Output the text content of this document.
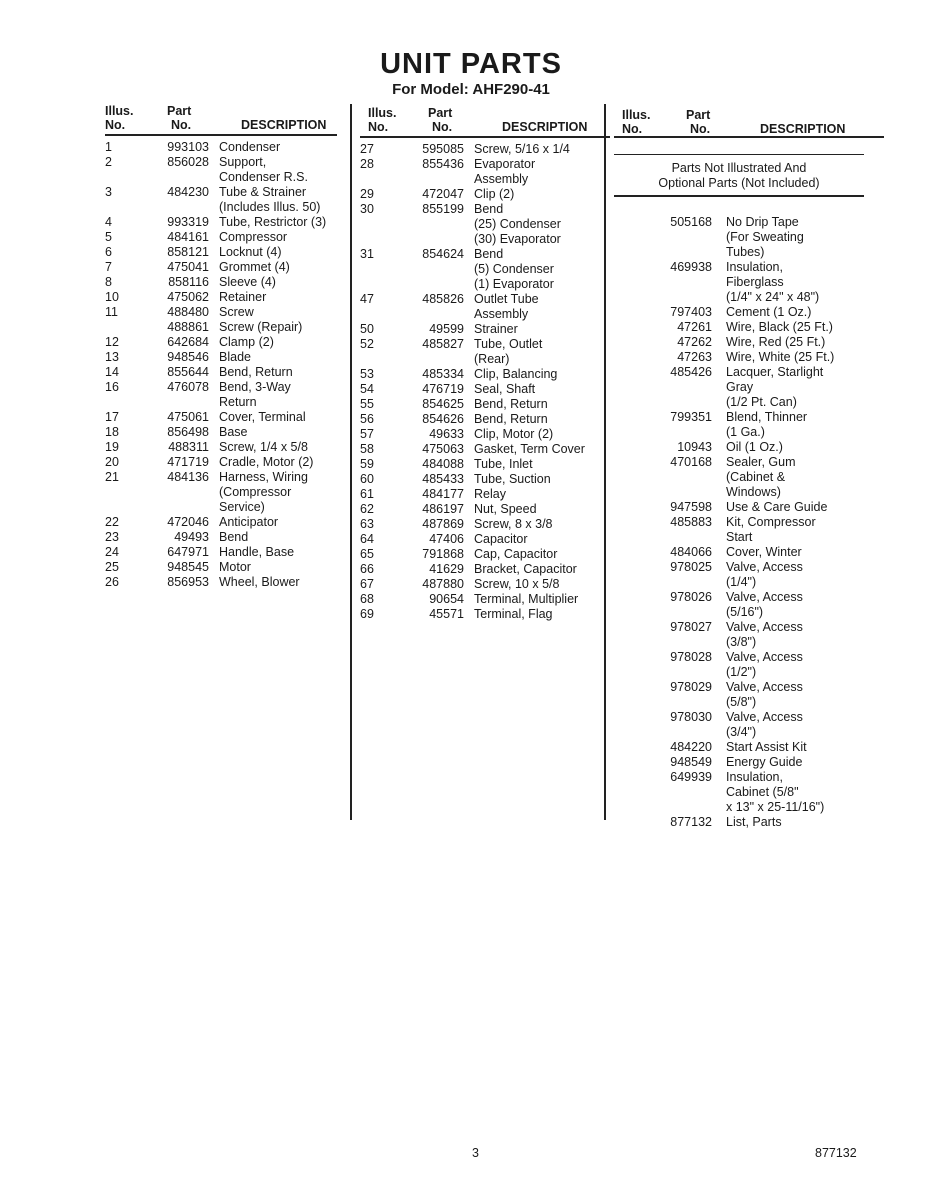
UNIT PARTS
For Model: AHF290-41
Illus.
No.
Part
No.	DESCRIPTION
1	993103 Condenser
2	856028 Support,
Condenser R.S.
3	484230 Tube & Strainer
(Includes Illus. 50)
4	993319 Tube, Restrictor (3)
5	484161 Compressor
6	858121 Locknut (4)
7	475041 Grommet (4)
8	858116 Sleeve (4)
10	475062 Retainer
11	488480 Screw
488861 Screw (Repair)
12	642684 Clamp (2)
13	948546 Blade
14	855644 Bend, Return
16	476078 Bend, 3-Way
Return
17	475061 Cover, Terminal
18	856498 Base
19	488311 Screw, 1/4 x 5/8
20	471719 Cradle, Motor (2)
21	484136 Harness, Wiring
(Compressor
Service)
22	472046 Anticipator
23	49493 Bend
24	647971 Handle, Base
25	948545 Motor
26	856953 Wheel, Blower
Illus.
No.
Part
No.	DESCRIPTION
27	595085 Screw, 5/16 x 1/4
28	855436 Evaporator
Assembly
29	472047 Clip (2)
30	855199 Bend
(25) Condenser
(30) Evaporator
31	854624 Bend
(5) Condenser
(1) Evaporator
47	485826 Outlet Tube
Assembly
50	49599 Strainer
52	485827 Tube, Outlet
(Rear)
53	485334 Clip, Balancing
54	476719 Seal, Shaft
55	854625 Bend, Return
56	854626 Bend, Return
57	49633 Clip, Motor (2)
58	475063 Gasket, Term Cover
59	484088 Tube, Inlet
60	485433 Tube, Suction
61	484177 Relay
62	486197 Nut, Speed
63	487869 Screw, 8 x 3/8
64	47406 Capacitor
65	791868 Cap, Capacitor
66	41629 Bracket, Capacitor
67	487880 Screw, 10 x 5/8
68	90654 Terminal, Multiplier
69	45571 Terminal, Flag
Illus.
No.
Part
No.	DESCRIPTION
Parts Not Illustrated And
Optional Parts (Not Included)
505168	No Drip Tape
(For Sweating
Tubes)
469938	Insulation,
Fiberglass
(1/4" x 24" x 48")
797403	Cement (1 Oz.)
47261	Wire, Black (25 Ft.)
47262	Wire, Red (25 Ft.)
47263	Wire, White (25 Ft.)
485426	Lacquer, Starlight
Gray
(1/2 Pt. Can)
799351	Blend, Thinner
(1 Ga.)
10943	Oil (1 Oz.)
470168	Sealer, Gum
(Cabinet &
Windows)
947598	Use & Care Guide
485883	Kit, Compressor
Start
484066	Cover, Winter
978025	Valve, Access
(1/4")
978026	Valve, Access
(5/16")
978027	Valve, Access
(3/8")
978028	Valve, Access
(1/2")
978029	Valve, Access
(5/8")
978030	Valve, Access
(3/4")
484220	Start Assist Kit
948549	Energy Guide
649939	Insulation,
Cabinet (5/8"
x 13" x 25-11/16")
877132	List, Parts
3	877132
